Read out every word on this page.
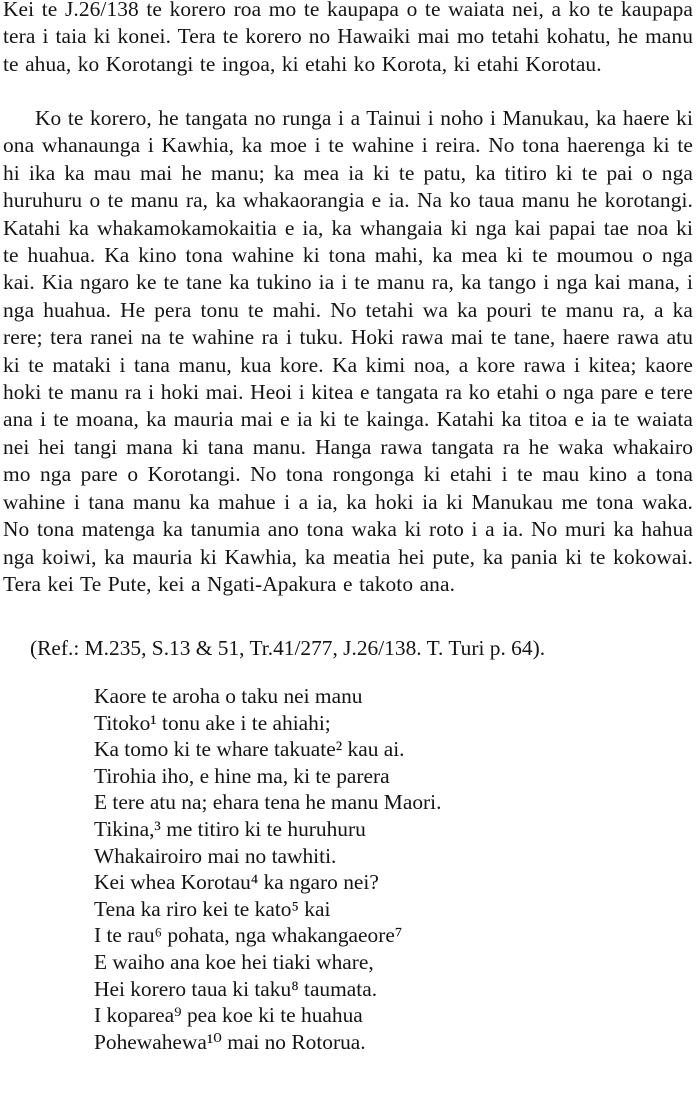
Kei te J.26/138 te korero roa mo te kaupapa o te waiata nei, a ko te kaupapa tera i taia ki konei. Tera te korero no Hawaiki mai mo tetahi kohatu, he manu te ahua, ko Korotangi te ingoa, ki etahi ko Korota, ki etahi Korotau.

Ko te korero, he tangata no runga i a Tainui i noho i Manukau, ka haere ki ona whanaunga i Kawhia, ka moe i te wahine i reira. No tona haerenga ki te hi ika ka mau mai he manu; ka mea ia ki te patu, ka titiro ki te pai o nga huruhuru o te manu ra, ka whakaorangia e ia. Na ko taua manu he korotangi. Katahi ka whakamokamokaitia e ia, ka whangaia ki nga kai papai tae noa ki te huahua. Ka kino tona wahine ki tona mahi, ka mea ki te moumou o nga kai. Kia ngaro ke te tane ka tukino ia i te manu ra, ka tango i nga kai mana, i nga huahua. He pera tonu te mahi. No tetahi wa ka pouri te manu ra, a ka rere; tera ranei na te wahine ra i tuku. Hoki rawa mai te tane, haere rawa atu ki te mataki i tana manu, kua kore. Ka kimi noa, a kore rawa i kitea; kaore hoki te manu ra i hoki mai. Heoi i kitea e tangata ra ko etahi o nga pare e tere ana i te moana, ka mauria mai e ia ki te kainga. Katahi ka titoa e ia te waiata nei hei tangi mana ki tana manu. Hanga rawa tangata ra he waka whakairo mo nga pare o Korotangi. No tona rongonga ki etahi i te mau kino a tona wahine i tana manu ka mahue i a ia, ka hoki ia ki Manukau me tona waka. No tona matenga ka tanumia ano tona waka ki roto i a ia. No muri ka hahua nga koiwi, ka mauria ki Kawhia, ka meatia hei pute, ka pania ki te kokowai. Tera kei Te Pute, kei a Ngati-Apakura e takoto ana.

(Ref.: M.235, S.13 & 51, Tr.41/277, J.26/138. T. Turi p. 64).

Kaore te aroha o taku nei manu
Titoko¹ tonu ake i te ahiahi;
Ka tomo ki te whare takuate² kau ai.
Tirohia iho, e hine ma, ki te parera
E tere atu na; ehara tena he manu Maori.
Tikina,³ me titiro ki te huruhuru
Whakairoiro mai no tawhiti.
Kei whea Korotau⁴ ka ngaro nei?
Tena ka riro kei te kato⁵ kai
I te rau⁶ pohata, nga whakangaeore⁷
E waiho ana koe hei tiaki whare,
Hei korero taua ki taku⁸ taumata.
I koparea⁹ pea koe ki te huahua
Pohewahewa¹⁰ mai no Rotorua.
